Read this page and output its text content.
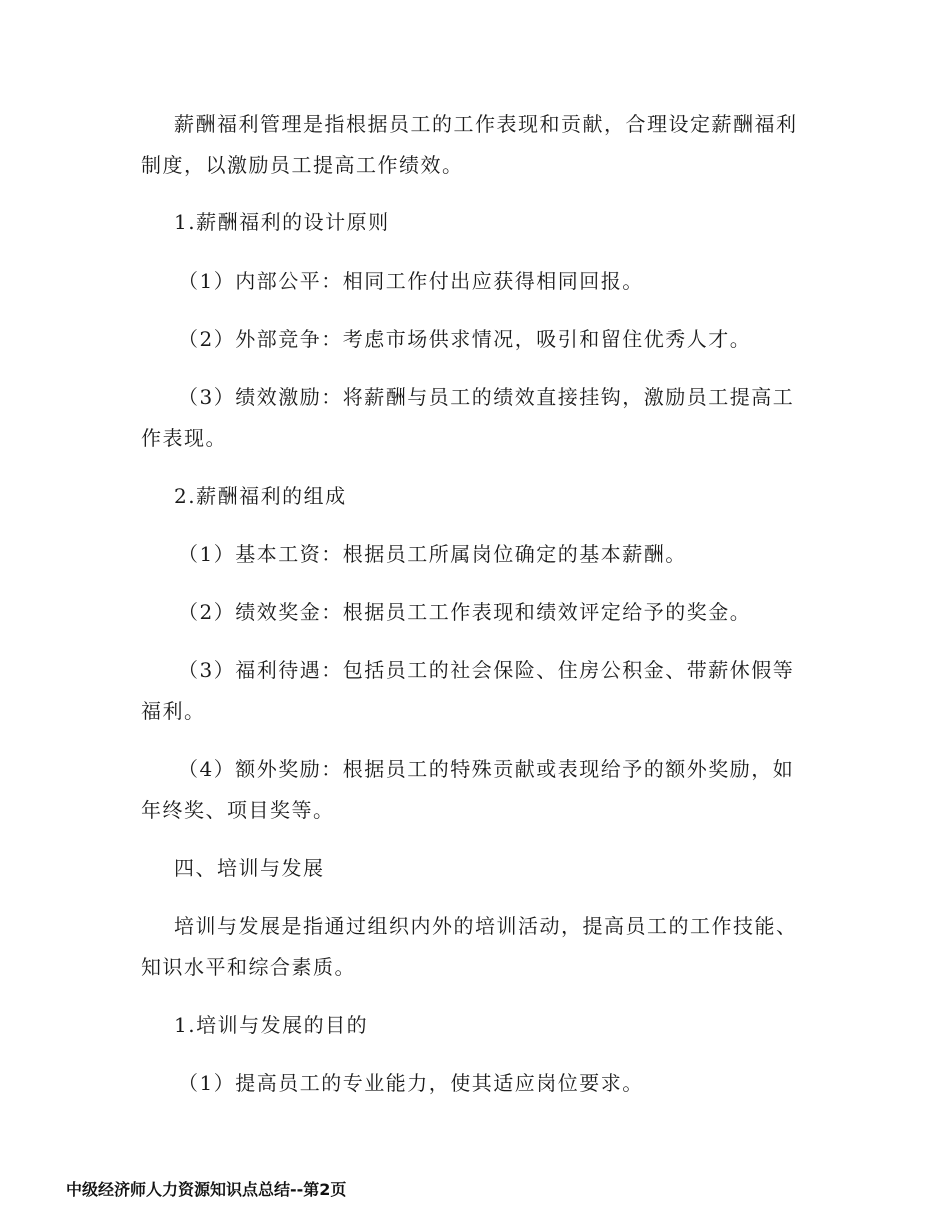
薪酬福利管理是指根据员工的工作表现和贡献，合理设定薪酬福利
制度，以激励员工提高工作绩效。
1.薪酬福利的设计原则
（1）内部公平：相同工作付出应获得相同回报。
（2）外部竞争：考虑市场供求情况，吸引和留住优秀人才。
（3）绩效激励：将薪酬与员工的绩效直接挂钩，激励员工提高工
作表现。
2.薪酬福利的组成
（1）基本工资：根据员工所属岗位确定的基本薪酬。
（2）绩效奖金：根据员工工作表现和绩效评定给予的奖金。
（3）福利待遇：包括员工的社会保险、住房公积金、带薪休假等
福利。
（4）额外奖励：根据员工的特殊贡献或表现给予的额外奖励，如
年终奖、项目奖等。
四、培训与发展
培训与发展是指通过组织内外的培训活动，提高员工的工作技能、
知识水平和综合素质。
1.培训与发展的目的
（1）提高员工的专业能力，使其适应岗位要求。
中级经济师人力资源知识点总结--第2页
